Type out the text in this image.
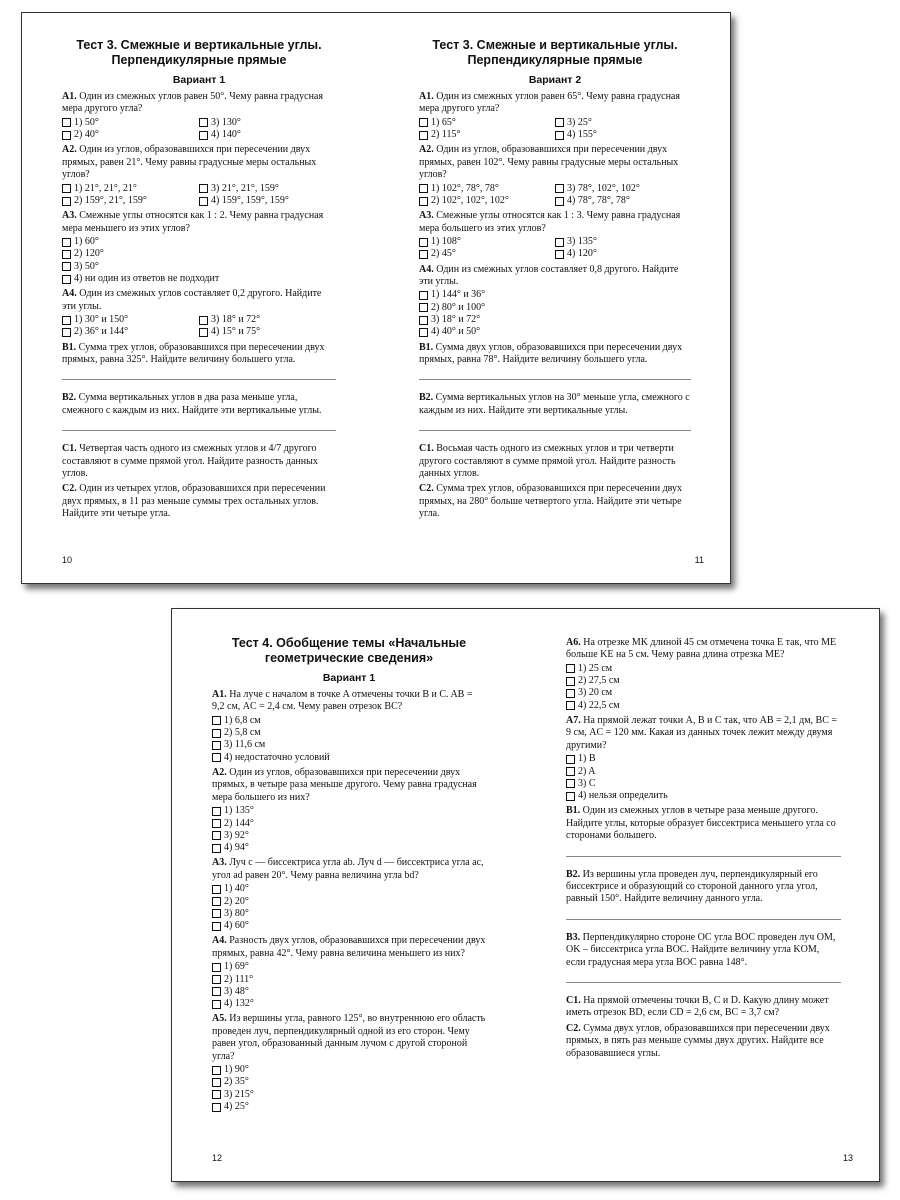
Тест 3. Смежные и вертикальные углы. Перпендикулярные прямые
Вариант 1

А1. Один из смежных углов равен 50°. Чему равна градусная мера другого угла?

1) 50°	3) 130°
2) 40°	4) 140°

А2. Один из углов, образовавшихся при пересечении двух прямых, равен 21°. Чему равны градусные меры остальных углов?

1) 21°, 21°, 21°	3) 21°, 21°, 159°
2) 159°, 21°, 159°	4) 159°, 159°, 159°

А3. Смежные углы относятся как 1 : 2. Чему равна градусная мера меньшего из этих углов?

1) 60°
2) 120°
3) 50°
4) ни один из ответов не подходит

А4. Один из смежных углов составляет 0,2 другого. Найдите эти углы.

1) 30° и 150°	3) 18° и 72°
2) 36° и 144°	4) 15° и 75°

В1. Сумма трех углов, образовавшихся при пересечении двух прямых, равна 325°. Найдите величину большего угла.

В2. Сумма вертикальных углов в два раза меньше угла, смежного с каждым из них. Найдите эти вертикальные углы.

С1. Четвертая часть одного из смежных углов и 4/7 другого составляют в сумме прямой угол. Найдите разность данных углов.

С2. Один из четырех углов, образовавшихся при пересечении двух прямых, в 11 раз меньше суммы трех остальных углов. Найдите эти четыре угла.

10
Тест 3. Смежные и вертикальные углы. Перпендикулярные прямые
Вариант 2

А1. Один из смежных углов равен 65°. Чему равна градусная мера другого угла?

1) 65°	3) 25°
2) 115°	4) 155°

А2. Один из углов, образовавшихся при пересечении двух прямых, равен 102°. Чему равны градусные меры остальных углов?

1) 102°, 78°, 78°	3) 78°, 102°, 102°
2) 102°, 102°, 102°	4) 78°, 78°, 78°

А3. Смежные углы относятся как 1 : 3. Чему равна градусная мера большего из этих углов?

1) 108°	3) 135°
2) 45°	4) 120°

А4. Один из смежных углов составляет 0,8 другого. Найдите эти углы.

1) 144° и 36°
2) 80° и 100°
3) 18° и 72°
4) 40° и 50°

В1. Сумма двух углов, образовавшихся при пересечении двух прямых, равна 78°. Найдите величину большего угла.

В2. Сумма вертикальных углов на 30° меньше угла, смежного с каждым из них. Найдите эти вертикальные углы.

С1. Восьмая часть одного из смежных углов и три четверти другого составляют в сумме прямой угол. Найдите разность данных углов.

С2. Сумма трех углов, образовавшихся при пересечении двух прямых, на 280° больше четвертого угла. Найдите эти четыре угла.

11
Тест 4. Обобщение темы «Начальные геометрические сведения»
Вариант 1

А1. На луче с началом в точке A отмечены точки B и C. AB = 9,2 см, AC = 2,4 см. Чему равен отрезок BC?

1) 6,8 см
2) 5,8 см
3) 11,6 см
4) недостаточно условий

А2. Один из углов, образовавшихся при пересечении двух прямых, в четыре раза меньше другого. Чему равна градусная мера большего из них?

1) 135°
2) 144°
3) 92°
4) 94°

А3. Луч c — биссектриса угла ab. Луч d — биссектриса угла ac, угол ad равен 20°. Чему равна величина угла bd?

1) 40°
2) 20°
3) 80°
4) 60°

А4. Разность двух углов, образовавшихся при пересечении двух прямых, равна 42°. Чему равна величина меньшего из них?

1) 69°
2) 111°
3) 48°
4) 132°

А5. Из вершины угла, равного 125°, во внутреннюю его область проведен луч, перпендикулярный одной из его сторон. Чему равен угол, образованный данным лучом с другой стороной угла?

1) 90°
2) 35°
3) 215°
4) 25°
12

А6. На отрезке MK длиной 45 см отмечена точка E так, что ME больше KE на 5 см. Чему равна длина отрезка ME?

1) 25 см
2) 27,5 см
3) 20 см
4) 22,5 см

А7. На прямой лежат точки A, B и C так, что AB = 2,1 дм, BC = 9 см, AC = 120 мм. Какая из данных точек лежит между двумя другими?

1) B
2) A
3) C
4) нельзя определить

В1. Один из смежных углов в четыре раза меньше другого. Найдите углы, которые образует биссектриса меньшего угла со сторонами большего.

В2. Из вершины угла проведен луч, перпендикулярный его биссектрисе и образующий со стороной данного угла угол, равный 150°. Найдите величину данного угла.

В3. Перпендикулярно стороне OC угла BOC проведен луч OM, OK – биссектриса угла BOC. Найдите величину угла KOM, если градусная мера угла BOC равна 148°.

С1. На прямой отмечены точки B, C и D. Какую длину может иметь отрезок BD, если CD = 2,6 см, BC = 3,7 см?

С2. Сумма двух углов, образовавшихся при пересечении двух прямых, в пять раз меньше суммы двух других. Найдите все образовавшиеся углы.

13
